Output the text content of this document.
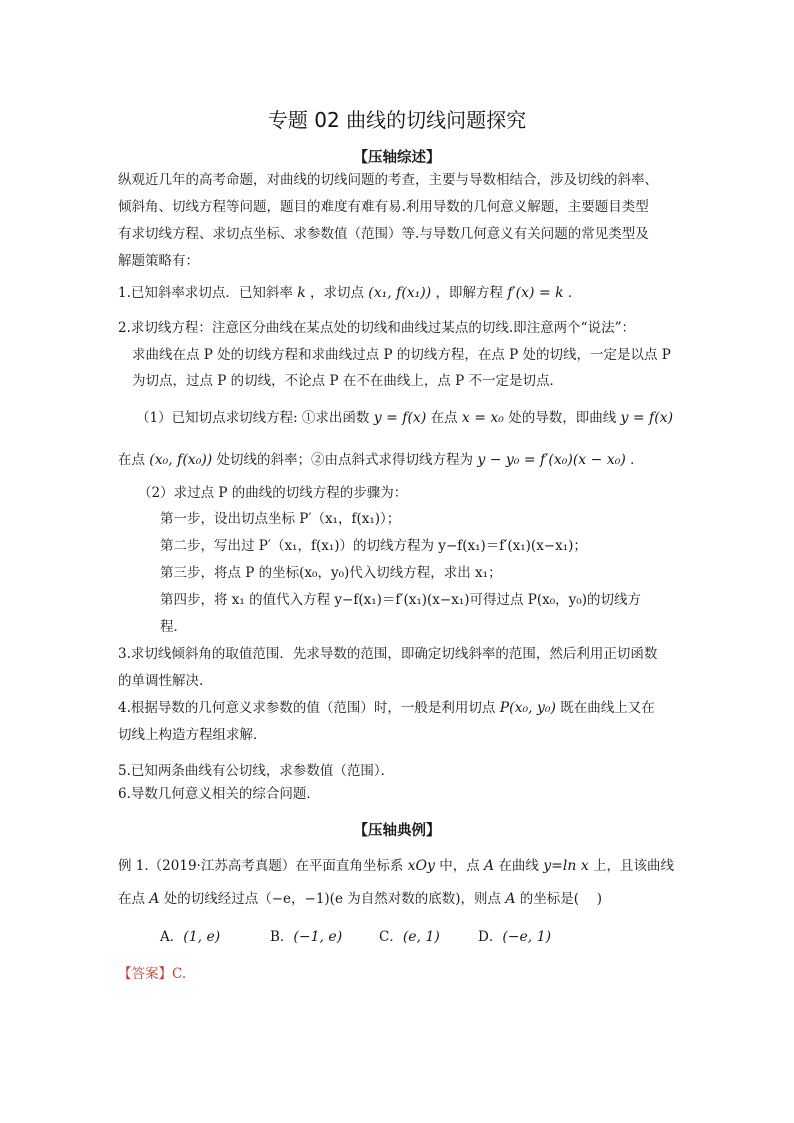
专题 02 曲线的切线问题探究
【压轴综述】
纵观近几年的高考命题，对曲线的切线问题的考查，主要与导数相结合，涉及切线的斜率、
倾斜角、切线方程等问题，题目的难度有难有易.利用导数的几何意义解题，主要题目类型
有求切线方程、求切点坐标、求参数值（范围）等.与导数几何意义有关问题的常见类型及
解题策略有：
1.已知斜率求切点．已知斜率 k ，求切点 (x₁, f(x₁)) ，即解方程 f′(x) = k ．
2.求切线方程：注意区分曲线在某点处的切线和曲线过某点的切线.即注意两个“说法”：
求曲线在点 P 处的切线方程和求曲线过点 P 的切线方程，在点 P 处的切线，一定是以点 P
为切点，过点 P 的切线，不论点 P 在不在曲线上，点 P 不一定是切点．
（1）已知切点求切线方程: ①求出函数 y = f(x) 在点 x = x₀ 处的导数，即曲线 y = f(x)
在点 (x₀, f(x₀)) 处切线的斜率；②由点斜式求得切线方程为 y − y₀ = f′(x₀)(x − x₀) ．
（2）求过点 P 的曲线的切线方程的步骤为：
第一步，设出切点坐标 P′（x₁，f(x₁)）；
第二步，写出过 P′（x₁，f(x₁)）的切线方程为 y−f(x₁)＝f′(x₁)(x−x₁)；
第三步，将点 P 的坐标(x₀，y₀)代入切线方程，求出 x₁；
第四步，将 x₁ 的值代入方程 y−f(x₁)＝f′(x₁)(x−x₁)可得过点 P(x₀，y₀)的切线方
程．
3.求切线倾斜角的取值范围．先求导数的范围，即确定切线斜率的范围，然后利用正切函数
的单调性解决．
4.根据导数的几何意义求参数的值（范围）时，一般是利用切点 P(x₀, y₀) 既在曲线上又在
切线上构造方程组求解．
5.已知两条曲线有公切线，求参数值（范围）．
6.导数几何意义相关的综合问题．
【压轴典例】
例 1.（2019·江苏高考真题）在平面直角坐标系 xOy 中，点 A 在曲线 y=ln x 上，且该曲线
在点 A 处的切线经过点（−e，−1)(e 为自然对数的底数)，则点 A 的坐标是(　 )
A．(1, e)	B．(−1, e)	C．(e, 1)	D．(−e, 1)
【答案】C.
